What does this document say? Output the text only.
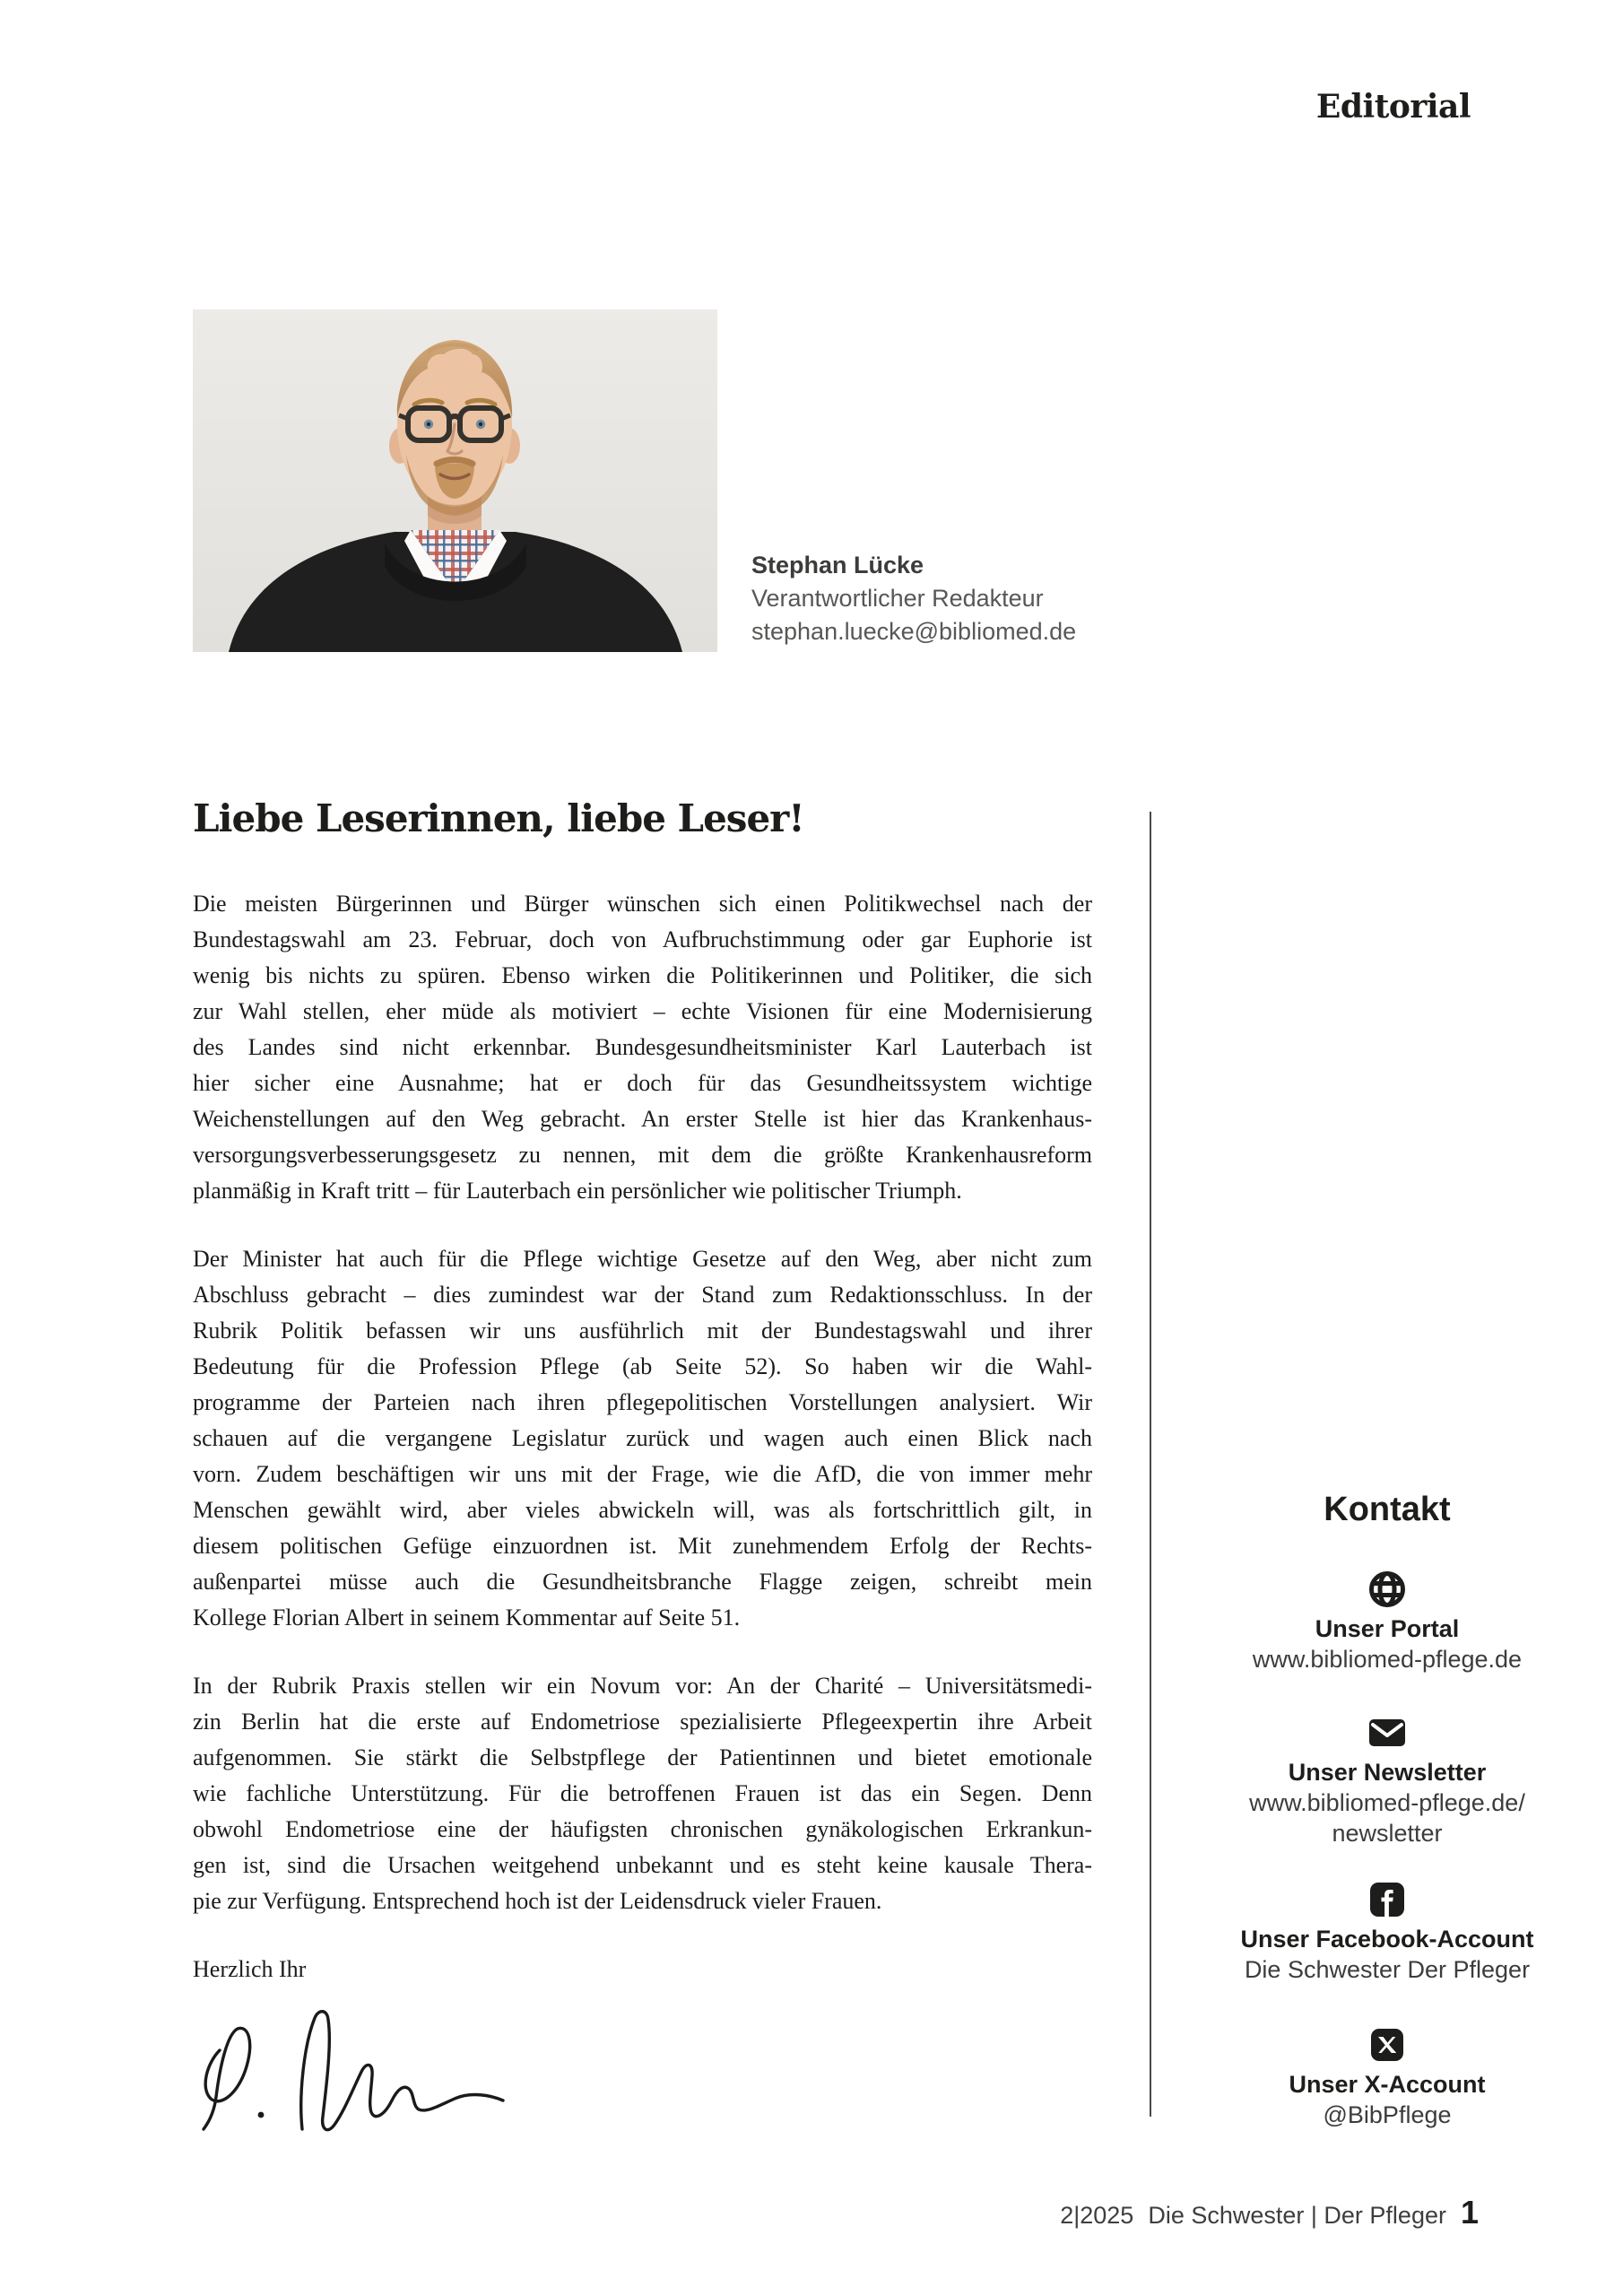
Editorial
Stephan Lücke
Verantwortlicher Redakteur
stephan.luecke@bibliomed.de
Liebe Leserinnen, liebe Leser!
Die meisten Bürgerinnen und Bürger wünschen sich einen Politikwechsel nach der
Bundestagswahl am 23. Februar, doch von Aufbruchstimmung oder gar Euphorie ist
wenig bis nichts zu spüren. Ebenso wirken die Politikerinnen und Politiker, die sich
zur Wahl stellen, eher müde als motiviert – echte Visionen für eine Modernisierung
des Landes sind nicht erkennbar. Bundesgesundheitsminister Karl Lauterbach ist
hier sicher eine Ausnahme; hat er doch für das Gesundheitssystem wichtige
Weichenstellungen auf den Weg gebracht. An erster Stelle ist hier das Krankenhaus-
versorgungsverbesserungsgesetz zu nennen, mit dem die größte Krankenhausreform
planmäßig in Kraft tritt – für Lauterbach ein persönlicher wie politischer Triumph.
Der Minister hat auch für die Pflege wichtige Gesetze auf den Weg, aber nicht zum
Abschluss gebracht – dies zumindest war der Stand zum Redaktionsschluss. In der
Rubrik Politik befassen wir uns ausführlich mit der Bundestagswahl und ihrer
Bedeutung für die Profession Pflege (ab Seite 52). So haben wir die Wahl-
programme der Parteien nach ihren pflegepolitischen Vorstellungen analysiert. Wir
schauen auf die vergangene Legislatur zurück und wagen auch einen Blick nach
vorn. Zudem beschäftigen wir uns mit der Frage, wie die AfD, die von immer mehr
Menschen gewählt wird, aber vieles abwickeln will, was als fortschrittlich gilt, in
diesem politischen Gefüge einzuordnen ist. Mit zunehmendem Erfolg der Rechts-
außenpartei müsse auch die Gesundheitsbranche Flagge zeigen, schreibt mein
Kollege Florian Albert in seinem Kommentar auf Seite 51.
In der Rubrik Praxis stellen wir ein Novum vor: An der Charité – Universitätsmedi-
zin Berlin hat die erste auf Endometriose spezialisierte Pflegeexpertin ihre Arbeit
aufgenommen. Sie stärkt die Selbstpflege der Patientinnen und bietet emotionale
wie fachliche Unterstützung. Für die betroffenen Frauen ist das ein Segen. Denn
obwohl Endometriose eine der häufigsten chronischen gynäkologischen Erkrankun-
gen ist, sind die Ursachen weitgehend unbekannt und es steht keine kausale Thera-
pie zur Verfügung. Entsprechend hoch ist der Leidensdruck vieler Frauen.
Herzlich Ihr
Kontakt
Unser Portal
www.bibliomed-pflege.de
Unser Newsletter
www.bibliomed-pflege.de/
newsletter
Unser Facebook-Account
Die Schwester Der Pfleger
Unser X-Account
@BibPflege
2|2025 Die Schwester | Der Pfleger 1
